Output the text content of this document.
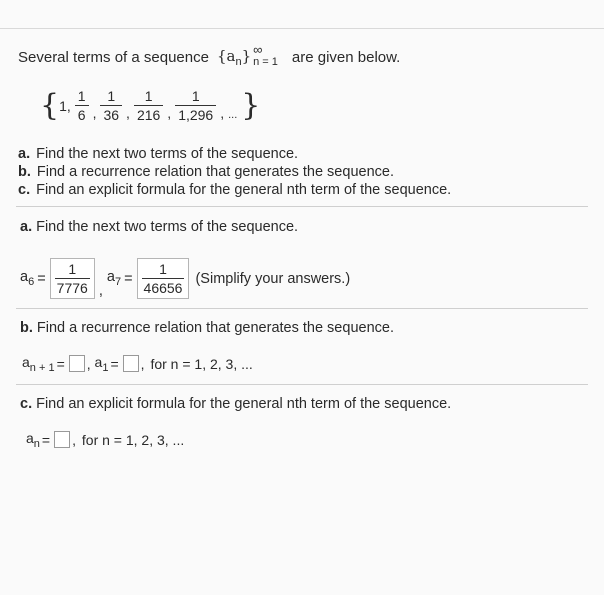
Several terms of a sequence $\{a_n\}$ ∞
n = 1 are given below.
{ 1, $\frac{1}{6}$ , $\frac{1}{36}$ , $\frac{1}{216}$ , $\frac{1}{1,296}$ , ... }
a. Find the next two terms of the sequence.
b. Find a recurrence relation that generates the sequence.
c. Find an explicit formula for the general nth term of the sequence.
a. Find the next two terms of the sequence.
$a_6 = \frac{1}{7776}$ ,
$a_7 = \frac{1}{46656}$ (Simplify your answers.)
b. Find a recurrence relation that generates the sequence.
$a_{n + 1}$ = , $a_1$ = , for n = 1, 2, 3, ...
c. Find an explicit formula for the general nth term of the sequence.
$a_n$ = , for n = 1, 2, 3, ...
